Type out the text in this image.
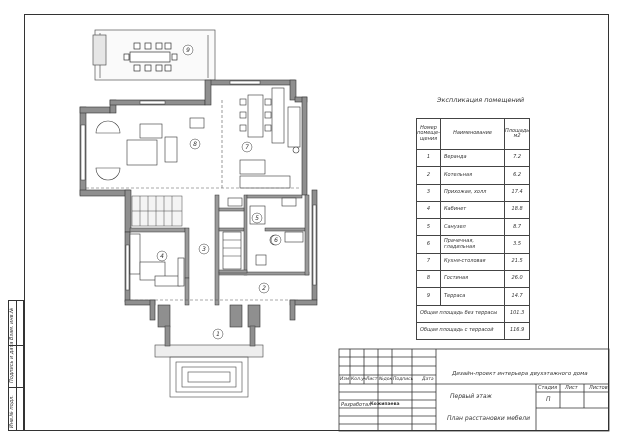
Инв.№ подл.
Подпись и дата
Взам. инв.№
9
8	7
4
3
5
6
2
1
Экспликация помещений
Номер помеще- щения	Наименование	Площадь м2
1	Веранда	7.2
2	Котельная	6.2
3	Прихожая, холл	17.4
4	Кабинет	18.8
5	Санузел	8.7
6	Прачечная, гладильная	3.5
7	Кухня-столовая	21.5
8	Гостиная	26.0
9	Терраса	14.7
Общая площадь без террасы		101.3
Общая площадь с террасой		116.9
Дизайн-проект интерьера двухэтажного дома
Изм Кол.уч Лист №док Подпись Дата
Разработал
Кожипаева
Первый этаж
План расстановки мебели
Стадия Лист Листов
П
